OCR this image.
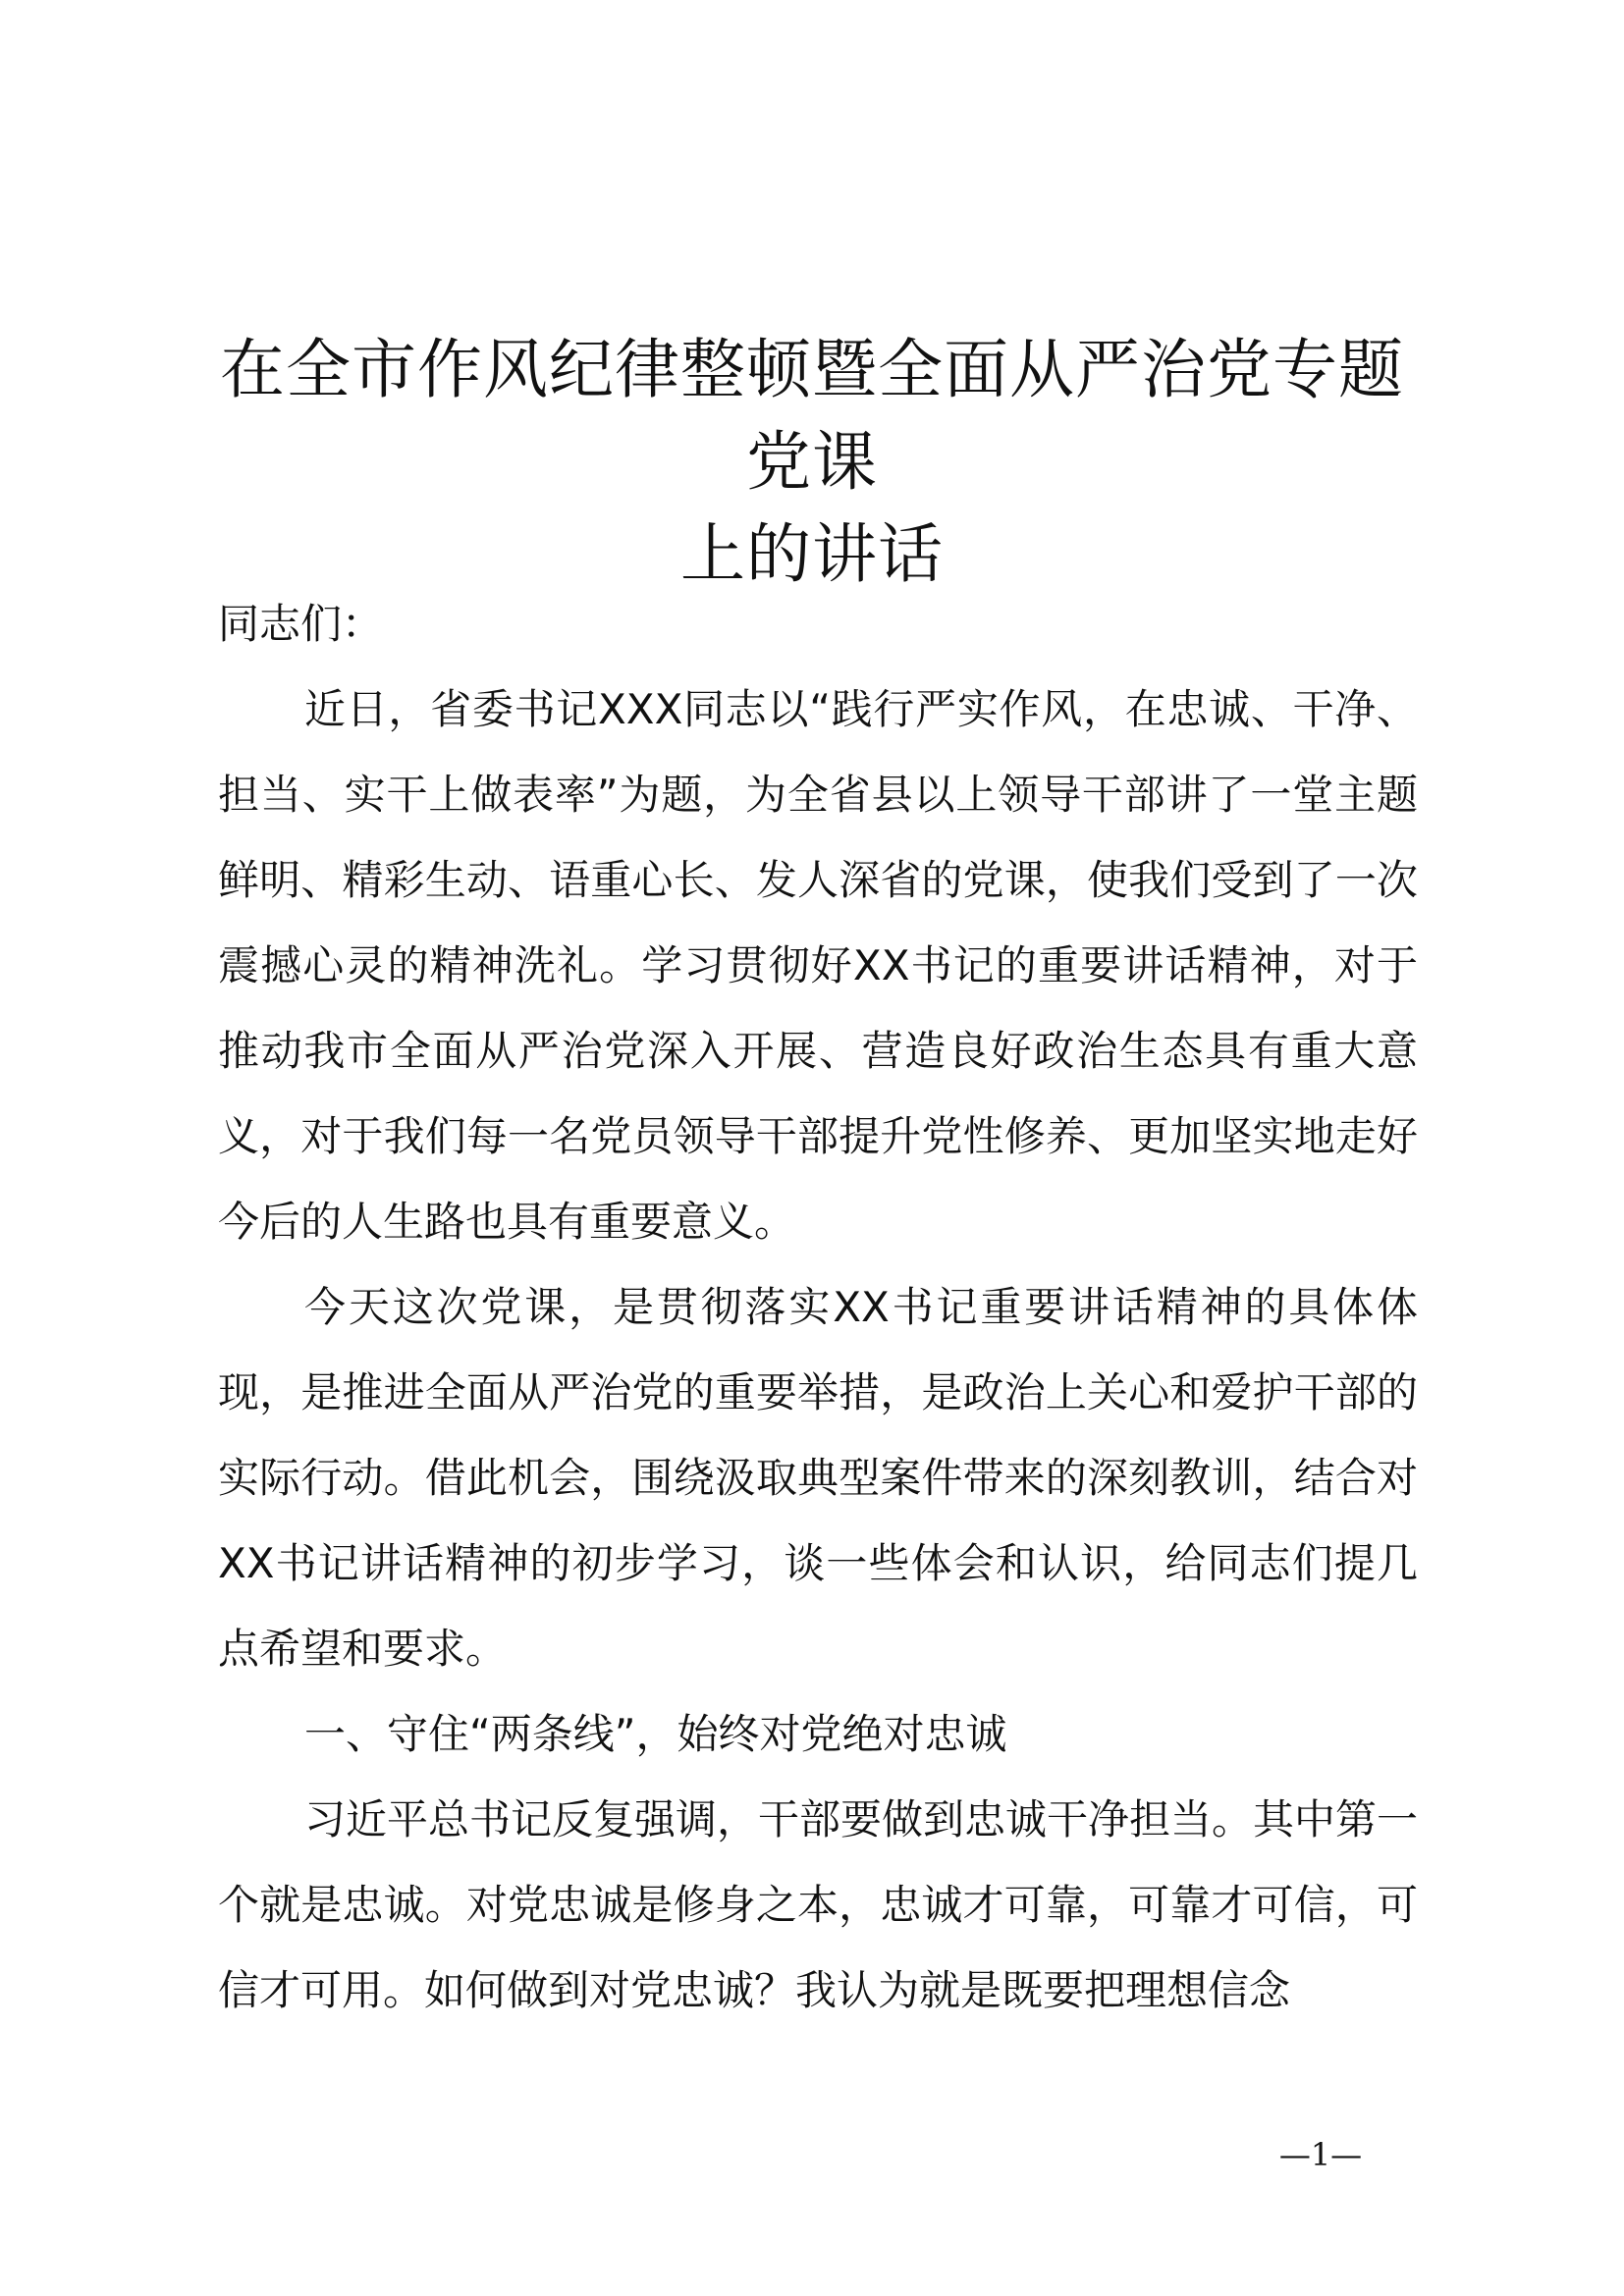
在全市作风纪律整顿暨全面从严治党专题党课
上的讲话

同志们：

近日，省委书记XXX同志以“践行严实作风，在忠诚、干净、担当、实干上做表率”为题，为全省县以上领导干部讲了一堂主题鲜明、精彩生动、语重心长、发人深省的党课，使我们受到了一次震撼心灵的精神洗礼。学习贯彻好XX书记的重要讲话精神，对于推动我市全面从严治党深入开展、营造良好政治生态具有重大意义，对于我们每一名党员领导干部提升党性修养、更加坚实地走好今后的人生路也具有重要意义。

今天这次党课，是贯彻落实XX书记重要讲话精神的具体体现，是推进全面从严治党的重要举措，是政治上关心和爱护干部的实际行动。借此机会，围绕汲取典型案件带来的深刻教训，结合对XX书记讲话精神的初步学习，谈一些体会和认识，给同志们提几点希望和要求。

一、守住“两条线”，始终对党绝对忠诚

习近平总书记反复强调，干部要做到忠诚干净担当。其中第一个就是忠诚。对党忠诚是修身之本，忠诚才可靠，可靠才可信，可信才可用。如何做到对党忠诚？我认为就是既要把理想信念

—1—
